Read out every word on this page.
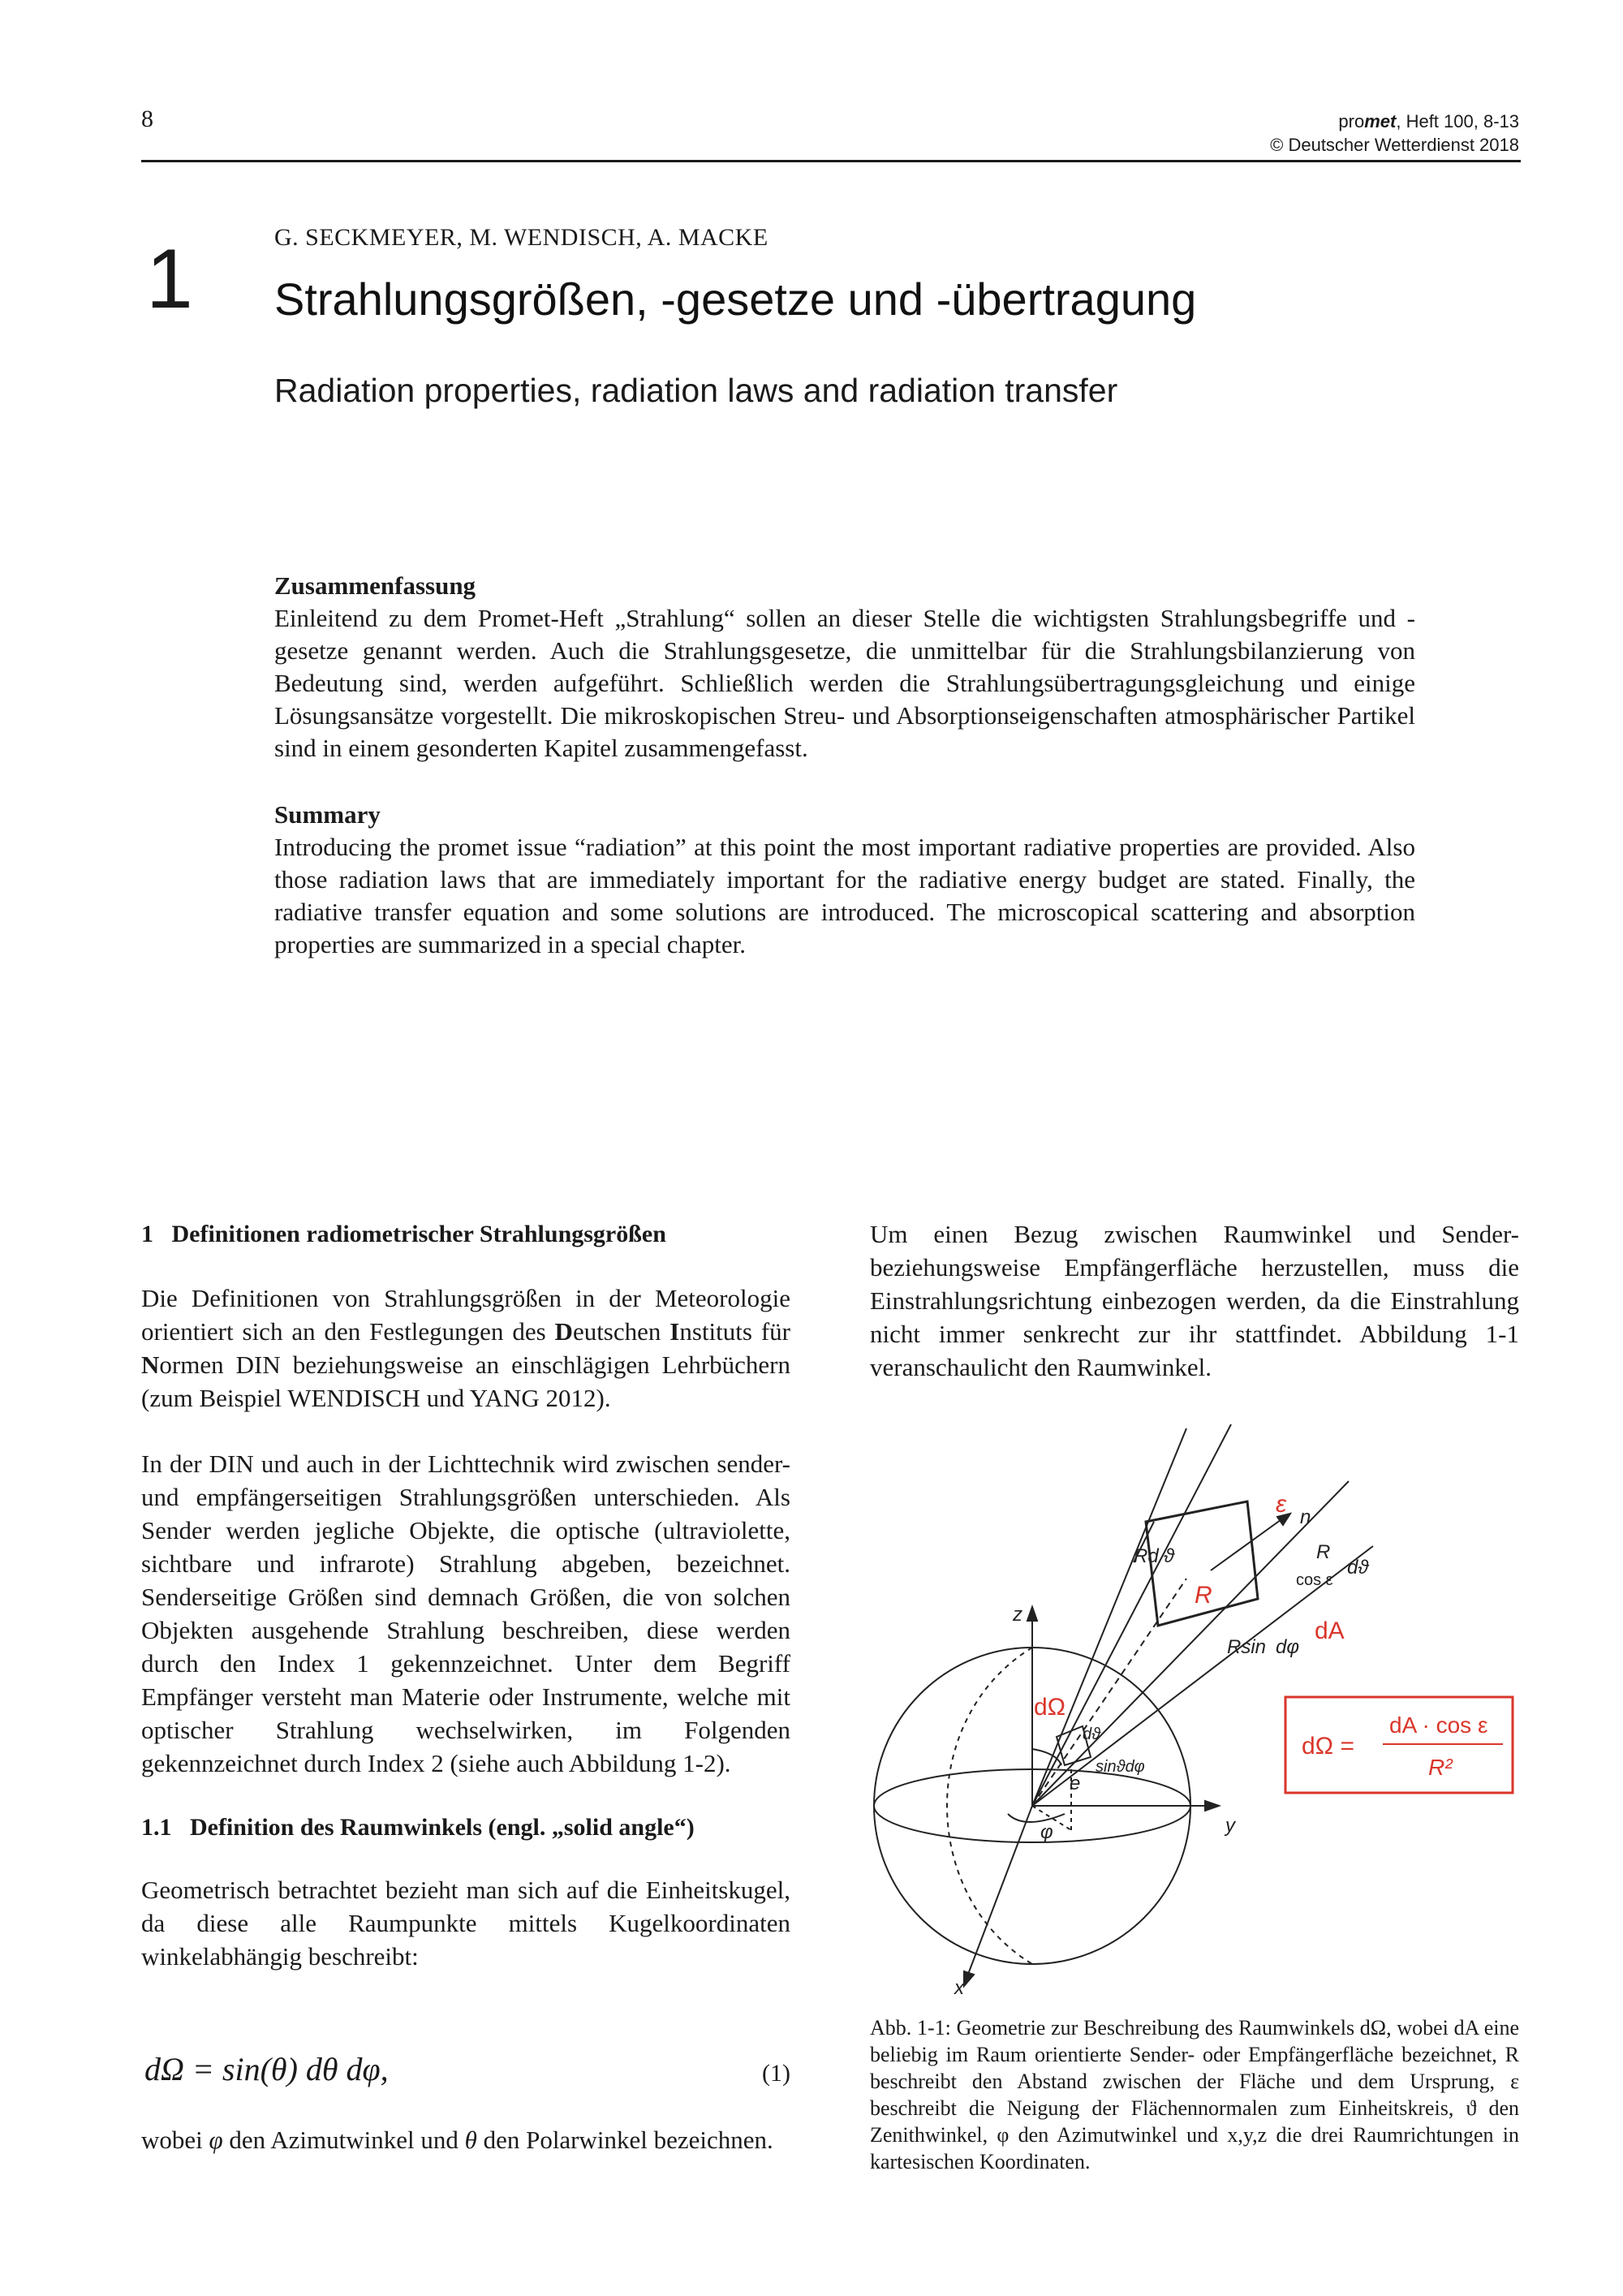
8	promet, Heft 100, 8-13
© Deutscher Wetterdienst 2018
G. SECKMEYER, M. WENDISCH, A. MACKE
1 Strahlungsgrößen, -gesetze und -übertragung
Radiation properties, radiation laws and radiation transfer
Zusammenfassung
Einleitend zu dem Promet-Heft „Strahlung“ sollen an dieser Stelle die wichtigsten Strahlungsbegriffe und -gesetze genannt werden. Auch die Strahlungsgesetze, die unmittelbar für die Strahlungsbilanzierung von Bedeutung sind, werden aufgeführt. Schließlich werden die Strahlungsübertragungsgleichung und einige Lösungsansätze vorgestellt. Die mikroskopischen Streu- und Absorptionseigenschaften atmosphärischer Partikel sind in einem gesonderten Kapitel zusammengefasst.
Summary
Introducing the promet issue “radiation” at this point the most important radiative properties are provided. Also those radiation laws that are immediately important for the radiative energy budget are stated. Finally, the radiative transfer equation and some solutions are introduced. The microscopical scattering and absorption properties are summarized in a special chapter.
1   Definitionen radiometrischer Strahlungsgrößen

Die Definitionen von Strahlungsgrößen in der Meteorologie orientiert sich an den Festlegungen des Deutschen Instituts für Normen DIN beziehungsweise an einschlägigen Lehrbüchern (zum Beispiel WENDISCH und YANG 2012).

In der DIN und auch in der Lichttechnik wird zwischen sender- und empfängerseitigen Strahlungsgrößen unterschieden. Als Sender werden jegliche Objekte, die optische (ultraviolette, sichtbare und infrarote) Strahlung abgeben, bezeichnet. Senderseitige Größen sind demnach Größen, die von solchen Objekten ausgehende Strahlung beschreiben, diese werden durch den Index 1 gekennzeichnet. Unter dem Begriff Empfänger versteht man Materie oder Instrumente, welche mit optischer Strahlung wechselwirken, im Folgenden gekennzeichnet durch Index 2 (siehe auch Abbildung 1-2).

1.1   Definition des Raumwinkels (engl. „solid angle“)

Geometrisch betrachtet bezieht man sich auf die Einheitskugel, da diese alle Raumpunkte mittels Kugelkoordinaten winkelabhängig beschreibt:

dΩ = sin(θ) dθ dφ,	(1)

wobei φ den Azimutwinkel und θ den Polarwinkel bezeichnen.

Um einen Bezug zwischen Raumwinkel und Sender- beziehungsweise Empfängerfläche herzustellen, muss die Einstrahlungsrichtung einbezogen werden, da die Einstrahlung nicht immer senkrecht zur ihr stattfindet. Abbildung 1-1 veranschaulicht den Raumwinkel.

z
y
x
n
Rd ϑ	R
cos ε
dϑ
Rsin dφ
dϑ
sinϑdφ
e
φ
ε
R
dA
dΩ
dΩ =
dA · cos ε
R²
Abb. 1-1: Geometrie zur Beschreibung des Raumwinkels dΩ, wobei dA eine beliebig im Raum orientierte Sender- oder Empfängerfläche bezeichnet, R beschreibt den Abstand zwischen der Fläche und dem Ursprung, ε beschreibt die Neigung der Flächennormalen zum Einheitskreis, ϑ den Zenithwinkel, φ den Azimutwinkel und x,y,z die drei Raumrichtungen in kartesischen Koordinaten.
